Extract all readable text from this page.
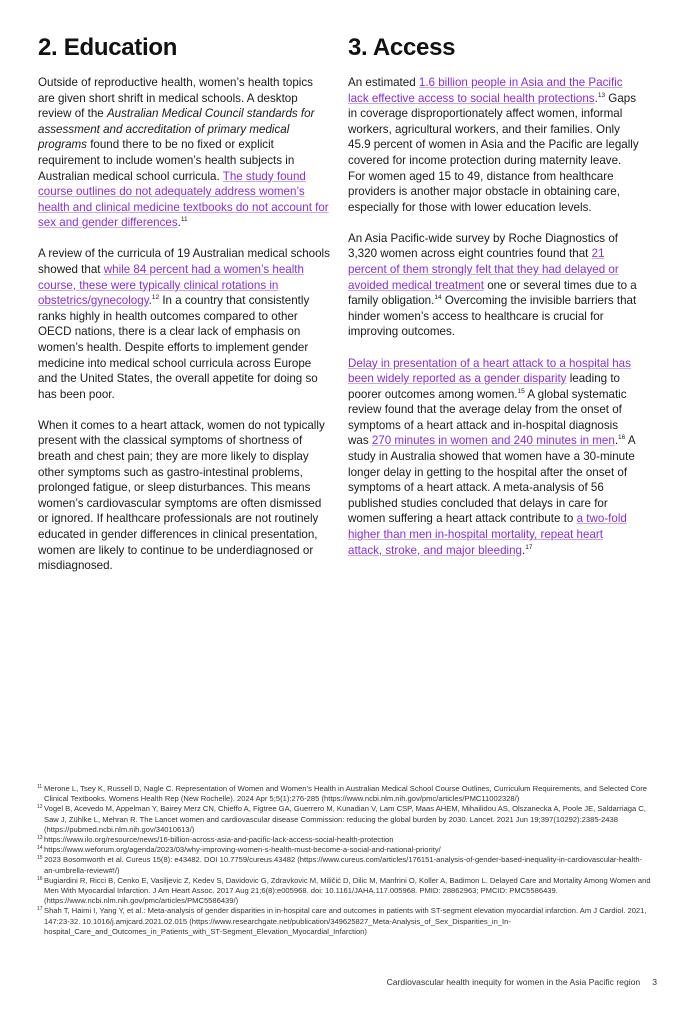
2. Education

Outside of reproductive health, women’s health topics are given short shrift in medical schools. A desktop review of the Australian Medical Council standards for assessment and accreditation of primary medical programs found there to be no fixed or explicit requirement to include women’s health subjects in Australian medical school curricula. The study found course outlines do not adequately address women’s health and clinical medicine textbooks do not account for sex and gender differences.$^{11}$

A review of the curricula of 19 Australian medical schools showed that while 84 percent had a women’s health course, these were typically clinical rotations in obstetrics/gynecology.$^{12}$ In a country that consistently ranks highly in health outcomes compared to other OECD nations, there is a clear lack of emphasis on women’s health. Despite efforts to implement gender medicine into medical school curricula across Europe and the United States, the overall appetite for doing so has been poor.

When it comes to a heart attack, women do not typically present with the classical symptoms of shortness of breath and chest pain; they are more likely to display other symptoms such as gastro-intestinal problems, prolonged fatigue, or sleep disturbances. This means women’s cardiovascular symptoms are often dismissed or ignored. If healthcare professionals are not routinely educated in gender differences in clinical presentation, women are likely to continue to be underdiagnosed or misdiagnosed.

3. Access

An estimated 1.6 billion people in Asia and the Pacific lack effective access to social health protections.$^{13}$ Gaps in coverage disproportionately affect women, informal workers, agricultural workers, and their families. Only 45.9 percent of women in Asia and the Pacific are legally covered for income protection during maternity leave. For women aged 15 to 49, distance from healthcare providers is another major obstacle in obtaining care, especially for those with lower education levels.

An Asia Pacific-wide survey by Roche Diagnostics of 3,320 women across eight countries found that 21 percent of them strongly felt that they had delayed or avoided medical treatment one or several times due to a family obligation.$^{14}$ Overcoming the invisible barriers that hinder women’s access to healthcare is crucial for improving outcomes.

Delay in presentation of a heart attack to a hospital has been widely reported as a gender disparity leading to poorer outcomes among women.$^{15}$ A global systematic review found that the average delay from the onset of symptoms of a heart attack and in-hospital diagnosis was 270 minutes in women and 240 minutes in men.$^{16}$ A study in Australia showed that women have a 30-minute longer delay in getting to the hospital after the onset of symptoms of a heart attack. A meta-analysis of 56 published studies concluded that delays in care for women suffering a heart attack contribute to a two-fold higher than men in-hospital mortality, repeat heart attack, stroke, and major bleeding.$^{17}$

11 Merone L, Tsey K, Russell D, Nagle C. Representation of Women and Women’s Health in Australian Medical School Course Outlines, Curriculum Requirements, and Selected Core Clinical Textbooks. Womens Health Rep (New Rochelle). 2024 Apr 5;5(1):276-285 (https://www.ncbi.nlm.nih.gov/pmc/articles/PMC11002328/)
12 Vogel B, Acevedo M, Appelman Y, Bairey Merz CN, Chieffo A, Figtree GA, Guerrero M, Kunadian V, Lam CSP, Maas AHEM, Mihailidou AS, Olszanecka A, Poole JE, Saldarriaga C, Saw J, Zühlke L, Mehran R. The Lancet women and cardiovascular disease Commission: reducing the global burden by 2030. Lancet. 2021 Jun 19;397(10292):2385-2438 (https://pubmed.ncbi.nlm.nih.gov/34010613/)
13 https://www.ilo.org/resource/news/16-billion-across-asia-and-pacific-lack-access-social-health-protection
14 https://www.weforum.org/agenda/2023/03/why-improving-women-s-health-must-become-a-social-and-national-priority/
15 2023 Bosomworth et al. Cureus 15(8): e43482. DOI 10.7759/cureus.43482 (https://www.cureus.com/articles/176151-analysis-of-gender-based-inequality-in-cardiovascular-health-an-umbrella-review#!/)
16 Bugiardini R, Ricci B, Cenko E, Vasiljevic Z, Kedev S, Davidovic G, Zdravkovic M, Miličić D, Dilic M, Manfrini O, Koller A, Badimon L. Delayed Care and Mortality Among Women and Men With Myocardial Infarction. J Am Heart Assoc. 2017 Aug 21;6(8):e005968. doi: 10.1161/JAHA.117.005968. PMID: 28862963; PMCID: PMC5586439. (https://www.ncbi.nlm.nih.gov/pmc/articles/PMC5586439/)
17 Shah T, Haimi I, Yang Y, et al.: Meta-analysis of gender disparities in in-hospital care and outcomes in patients with ST-segment elevation myocardial infarction. Am J Cardiol. 2021, 147:23-32. 10.1016/j.amjcard.2021.02.015 (https://www.researchgate.net/publication/349625827_Meta-Analysis_of_Sex_Disparities_in_In-hospital_Care_and_Outcomes_in_Patients_with_ST-Segment_Elevation_Myocardial_Infarction)
Cardiovascular health inequity for women in the Asia Pacific region 3
